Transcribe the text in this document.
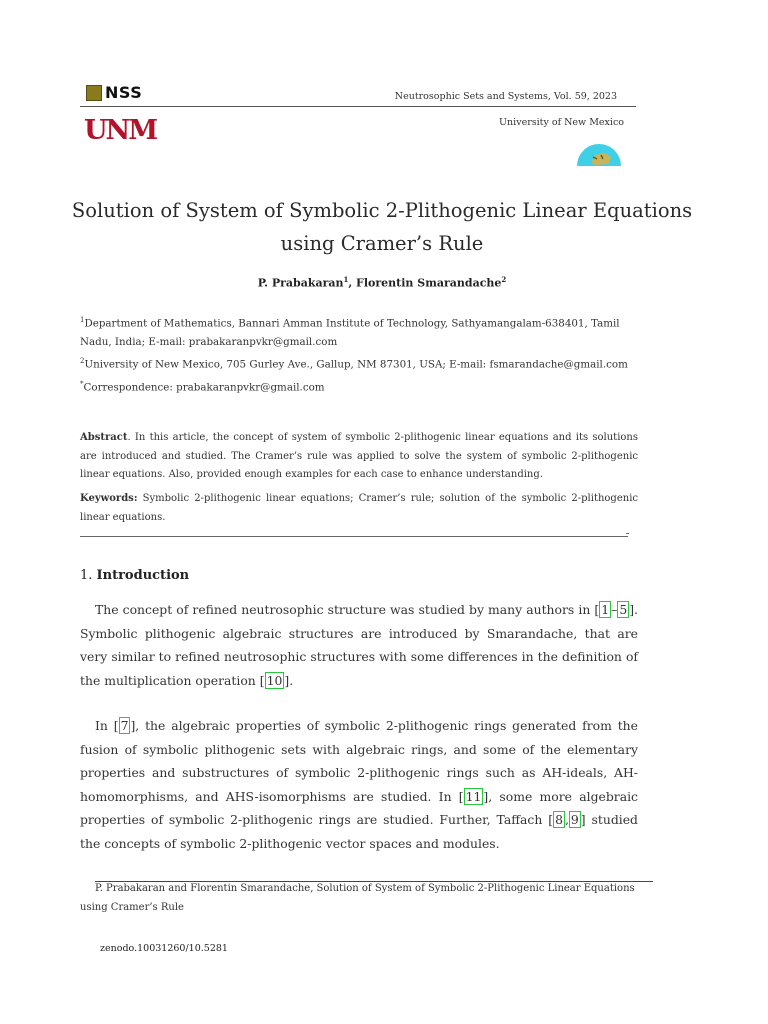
NSS	Neutrosophic Sets and Systems, Vol. 59, 2023
UNM	University of New Mexico
Solution of System of Symbolic 2-Plithogenic Linear Equations
using Cramer’s Rule
P. Prabakaran$^1$, Florentin Smarandache$^2$
$^1$Department of Mathematics, Bannari Amman Institute of Technology, Sathyamangalam-638401, Tamil Nadu, India; E-mail: prabakaranpvkr@gmail.com
$^2$University of New Mexico, 705 Gurley Ave., Gallup, NM 87301, USA; E-mail: fsmarandache@gmail.com
*Correspondence: prabakaranpvkr@gmail.com
Abstract. In this article, the concept of system of symbolic 2-plithogenic linear equations and its solutions are introduced and studied. The Cramer’s rule was applied to solve the system of symbolic 2-plithogenic linear equations. Also, provided enough examples for each case to enhance understanding.
Keywords: Symbolic 2-plithogenic linear equations; Cramer’s rule; solution of the symbolic 2-plithogenic linear equations.
1. Introduction
The concept of refined neutrosophic structure was studied by many authors in [ 1 – 5 ]. Symbolic plithogenic algebraic structures are introduced by Smarandache, that are very similar to refined neutrosophic structures with some differences in the definition of the multiplication operation [ 10 ].
In [ 7 ], the algebraic properties of symbolic 2-plithogenic rings generated from the fusion of symbolic plithogenic sets with algebraic rings, and some of the elementary properties and substructures of symbolic 2-plithogenic rings such as AH-ideals, AH-homomorphisms, and AHS-isomorphisms are studied. In [ 11 ], some more algebraic properties of symbolic 2-plithogenic rings are studied. Further, Taffach [ 8 , 9 ] studied the concepts of symbolic 2-plithogenic vector spaces and modules.
P. Prabakaran and Florentin Smarandache, Solution of System of Symbolic 2-Plithogenic Linear Equations using Cramer’s Rule
zenodo.10031260/10.5281
